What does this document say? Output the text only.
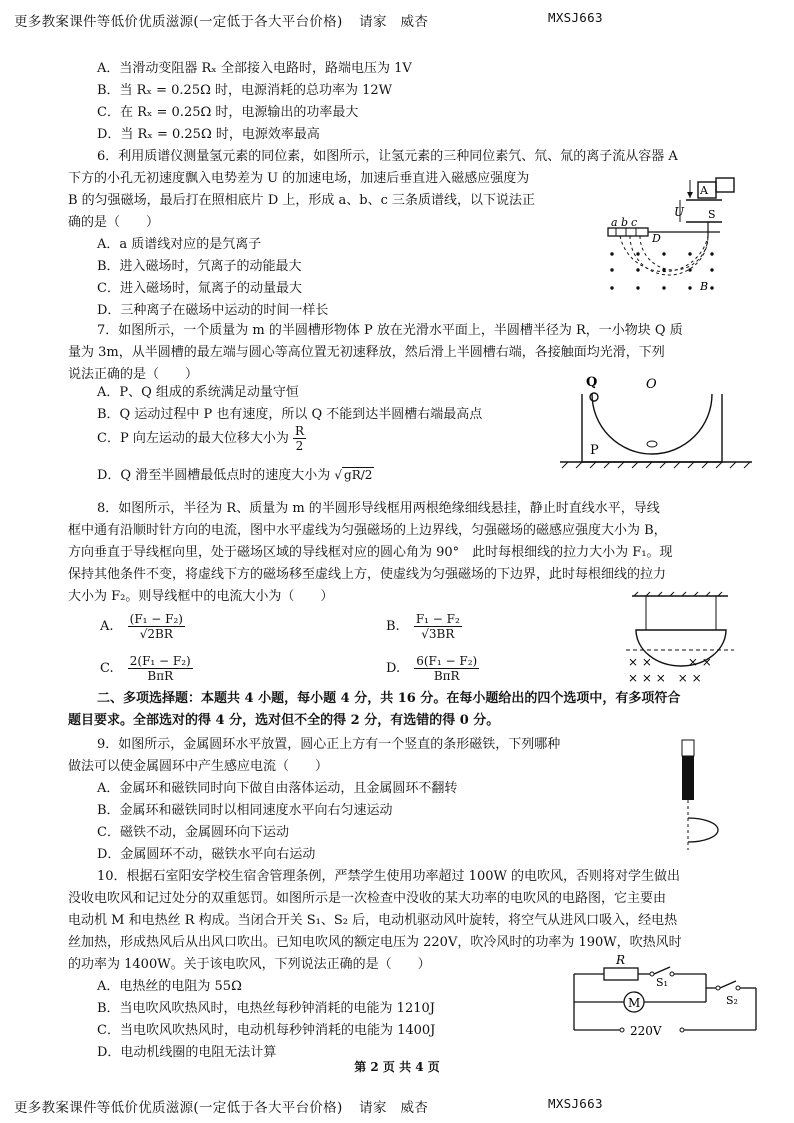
更多教案课件等低价优质滋源(一定低于各大平台价格) 请家　威杏	MXSJ663
A．当滑动变阻器 Rₓ 全部接入电路时，路端电压为 1V
B．当 Rₓ = 0.25Ω 时，电源消耗的总功率为 12W
C．在 Rₓ = 0.25Ω 时，电源输出的功率最大
D．当 Rₓ = 0.25Ω 时，电源效率最高
6．利用质谱仪测量氢元素的同位素，如图所示，让氢元素的三种同位素氕、氘、氚的离子流从容器 A
下方的小孔无初速度飘入电势差为 U 的加速电场，加速后垂直进入磁感应强度为
B 的匀强磁场，最后打在照相底片 D 上，形成 a、b、c 三条质谱线，以下说法正
确的是（　　）
A．a 质谱线对应的是氕离子
B．进入磁场时，氕离子的动能最大
C．进入磁场时，氚离子的动量最大
D．三种离子在磁场中运动的时间一样长
a b c
D
U
A
S
B
7．如图所示，一个质量为 m 的半圆槽形物体 P 放在光滑水平面上，半圆槽半径为 R，一小物块 Q 质
量为 3m，从半圆槽的最左端与圆心等高位置无初速释放，然后滑上半圆槽右端，各接触面均光滑，下列
说法正确的是（　　）
A．P、Q 组成的系统满足动量守恒
B．Q 运动过程中 P 也有速度，所以 Q 不能到达半圆槽右端最高点
C．P 向左运动的最大位移大小为 $\frac{R}{2}$
D．Q 滑至半圆槽最低点时的速度大小为 √ gR/2
Q	O
P
8．如图所示，半径为 R、质量为 m 的半圆形导线框用两根绝缘细线悬挂，静止时直线水平，导线
框中通有沿顺时针方向的电流，图中水平虚线为匀强磁场的上边界线，匀强磁场的磁感应强度大小为 B，
方向垂直于导线框向里，处于磁场区域的导线框对应的圆心角为 90°　此时每根细线的拉力大小为 F₁。现
保持其他条件不变，将虚线下方的磁场移至虚线上方，使虚线为匀强磁场的下边界，此时每根细线的拉力
大小为 F₂。则导线框中的电流大小为（　　）
A. $\frac{\text{(F₁ − F₂)}}{√2BR}$	B. $\frac{\text{F₁ − F₂}}{√3BR}$
C. $\frac{\text{2(F₁ − F₂)}}{\text{BπR}}$	D. $\frac{\text{6(F₁ − F₂)}}{\text{BπR}}$	× ×　　　× ×
× × ×　× ×
二、多项选择题：本题共 4 小题，每小题 4 分，共 16 分。在每小题给出的四个选项中，有多项符合
题目要求。全部选对的得 4 分，选对但不全的得 2 分，有选错的得 0 分。
9．如图所示，金属圆环水平放置，圆心正上方有一个竖直的条形磁铁，下列哪种
做法可以使金属圆环中产生感应电流（　　）
A．金属环和磁铁同时向下做自由落体运动，且金属圆环不翻转
B．金属环和磁铁同时以相同速度水平向右匀速运动
C．磁铁不动，金属圆环向下运动
D．金属圆环不动，磁铁水平向右运动
10．根据石室阳安学校生宿舍管理条例，严禁学生使用功率超过 100W 的电吹风，否则将对学生做出
没收电吹风和记过处分的双重惩罚。如图所示是一次检查中没收的某大功率的电吹风的电路图，它主要由
电动机 M 和电热丝 R 构成。当闭合开关 S₁、S₂ 后，电动机驱动风叶旋转，将空气从进风口吸入，经电热
丝加热，形成热风后从出风口吹出。已知电吹风的额定电压为 220V，吹冷风时的功率为 190W，吹热风时
的功率为 1400W。关于该电吹风，下列说法正确的是（　　）
A．电热丝的电阻为 55Ω
B．当电吹风吹热风时，电热丝每秒钟消耗的电能为 1210J
C．当电吹风吹热风时，电动机每秒钟消耗的电能为 1400J
D．电动机线圈的电阻无法计算
R
S₁
S₂
M
220V
第 2 页 共 4 页
更多教案课件等低价优质滋源(一定低于各大平台价格) 请家　威杏	MXSJ663
